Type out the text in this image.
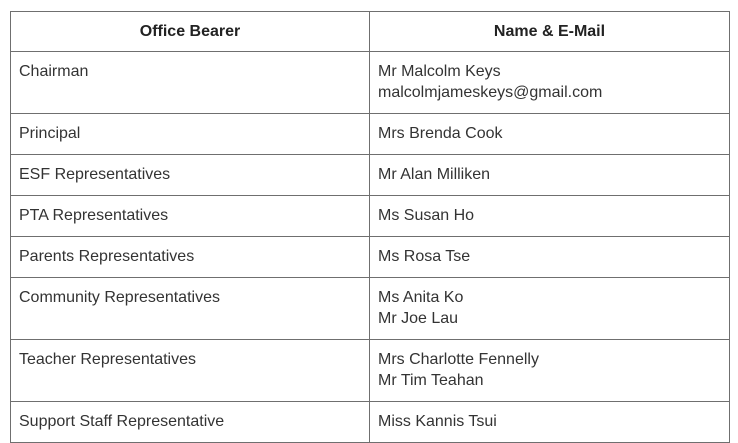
Office Bearer	Name & E-Mail
Chairman	Mr Malcolm Keys
malcolmjameskeys@gmail.com

Principal	Mrs Brenda Cook

ESF Representatives	Mr Alan Milliken

PTA Representatives	Ms Susan Ho

Parents Representatives	Ms Rosa Tse

Community Representatives	Ms Anita Ko
Mr Joe Lau

Teacher Representatives	Mrs Charlotte Fennelly
Mr Tim Teahan

Support Staff Representative	Miss Kannis Tsui
